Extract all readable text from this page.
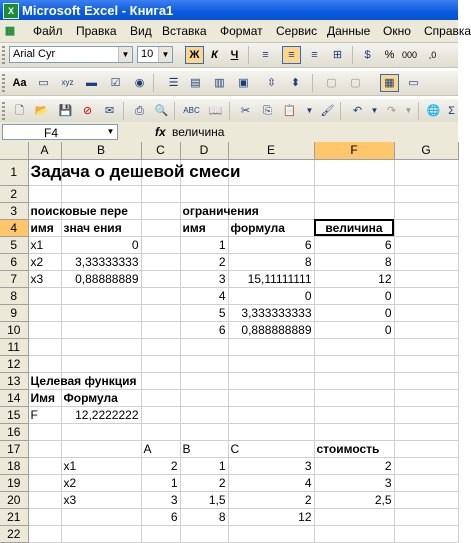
X Microsoft Excel - Книга1
▦ Файл Правка Вид Вставка Формат Сервис Данные Окно Справка
Arial Cyr	▼ 10	▼	Ж	К	Ч	≡	≡	≡	⊞	$	% 000	,0
Aa	▭	xyz	▬	☑	◉	☰	▤	▥	▣	⇳	⬍	▢	▢	▦	▭
🗋 📂 💾 ⊘	✉	⎙ 🔍	ABC 📖	✂	⎘ 📋	▼ 🖌	↶	▼ ↷	▼	🌐 Σ
F4	▼	fx величина
	A	B	C	D	E	F	G
1	Задача о дешевой смеси						
2							
3	поисковые пере			ограничения			
4	имя	знач ения		имя	формула	величина	
5	x1	0		1	6	6	
6	x2	3,33333333		2	8	8	
7	x3	0,88888889		3	15,11111111	12	
8				4	0	0	
9				5	3,333333333	0	
10				6	0,888888889	0	
11							
12							
13	Целевая функция						
14	Имя	Формула					
15	F	12,2222222					
16							
17			A	B	C	стоимость	
18		x1	2	1	3	2	
19		x2	1	2	4	3	
20		x3	3	1,5	2	2,5	
21			6	8	12		
22							
